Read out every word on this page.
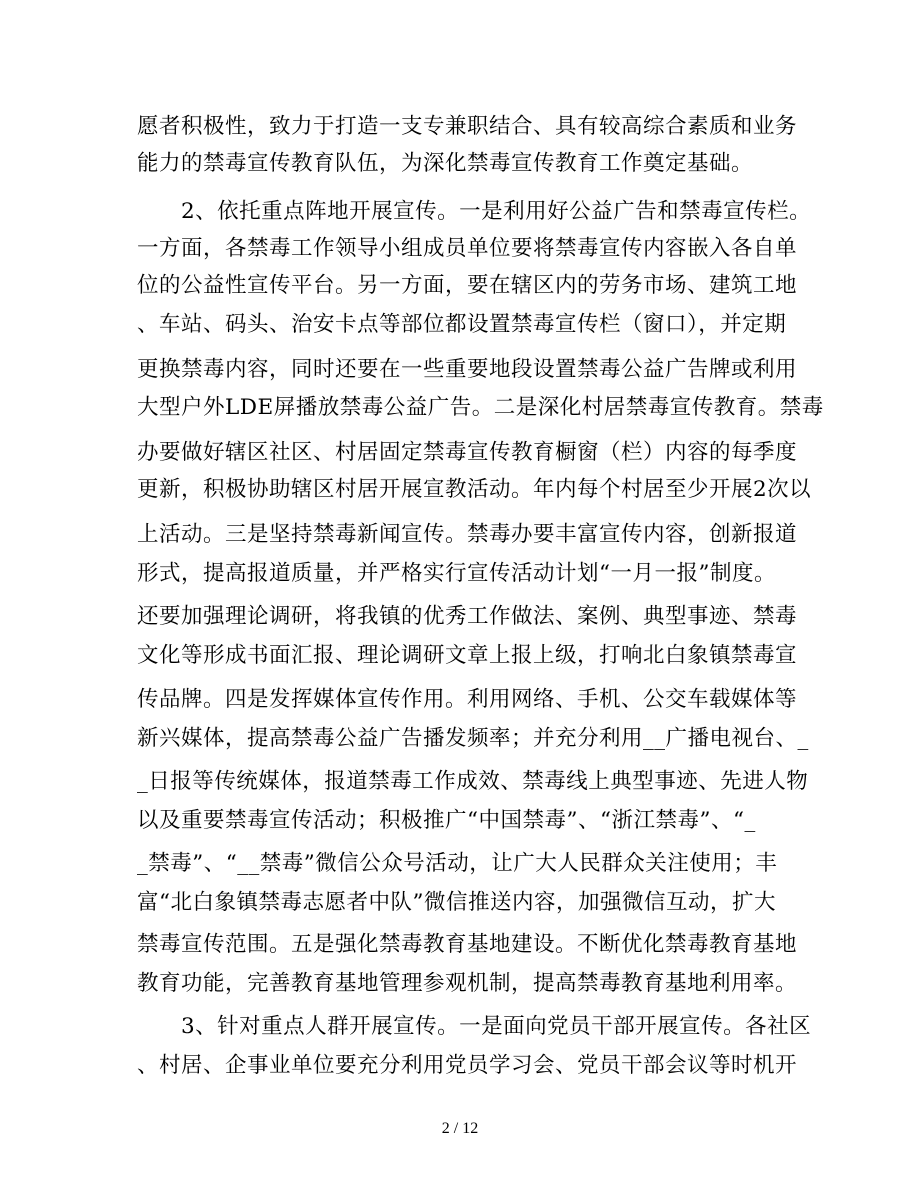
愿者积极性，致力于打造一支专兼职结合、具有较高综合素质和业务
能力的禁毒宣传教育队伍，为深化禁毒宣传教育工作奠定基础。
2、依托重点阵地开展宣传。一是利用好公益广告和禁毒宣传栏。
一方面，各禁毒工作领导小组成员单位要将禁毒宣传内容嵌入各自单
位的公益性宣传平台。另一方面，要在辖区内的劳务市场、建筑工地
、车站、码头、治安卡点等部位都设置禁毒宣传栏（窗口），并定期
更换禁毒内容，同时还要在一些重要地段设置禁毒公益广告牌或利用
大型户外LDE屏播放禁毒公益广告。二是深化村居禁毒宣传教育。禁毒
办要做好辖区社区、村居固定禁毒宣传教育橱窗（栏）内容的每季度
更新，积极协助辖区村居开展宣教活动。年内每个村居至少开展2次以
上活动。三是坚持禁毒新闻宣传。禁毒办要丰富宣传内容，创新报道
形式，提高报道质量，并严格实行宣传活动计划“一月一报”制度。
还要加强理论调研，将我镇的优秀工作做法、案例、典型事迹、禁毒
文化等形成书面汇报、理论调研文章上报上级，打响北白象镇禁毒宣
传品牌。四是发挥媒体宣传作用。利用网络、手机、公交车载媒体等
新兴媒体，提高禁毒公益广告播发频率；并充分利用__广播电视台、_
_日报等传统媒体，报道禁毒工作成效、禁毒线上典型事迹、先进人物
以及重要禁毒宣传活动；积极推广“中国禁毒”、“浙江禁毒”、“_
_禁毒”、“__禁毒”微信公众号活动，让广大人民群众关注使用；丰
富“北白象镇禁毒志愿者中队”微信推送内容，加强微信互动，扩大
禁毒宣传范围。五是强化禁毒教育基地建设。不断优化禁毒教育基地
教育功能，完善教育基地管理参观机制，提高禁毒教育基地利用率。
3、针对重点人群开展宣传。一是面向党员干部开展宣传。各社区
、村居、企事业单位要充分利用党员学习会、党员干部会议等时机开
2 / 12
